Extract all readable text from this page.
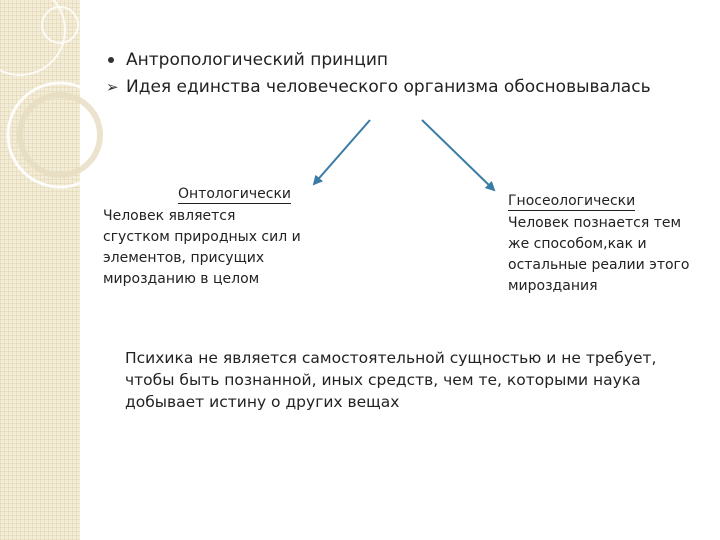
Антропологический принцип
➢ Идея единства человеческого организма обосновывалась
Онтологически
Человек является
сгустком природных сил и
элементов, присущих
мирозданию в целом
Гносеологически
Человек познается тем
же способом,как и
остальные реалии этого
мироздания
Психика не является самостоятельной сущностью и не требует,
чтобы быть познанной, иных средств, чем те, которыми наука
добывает истину о других вещах
